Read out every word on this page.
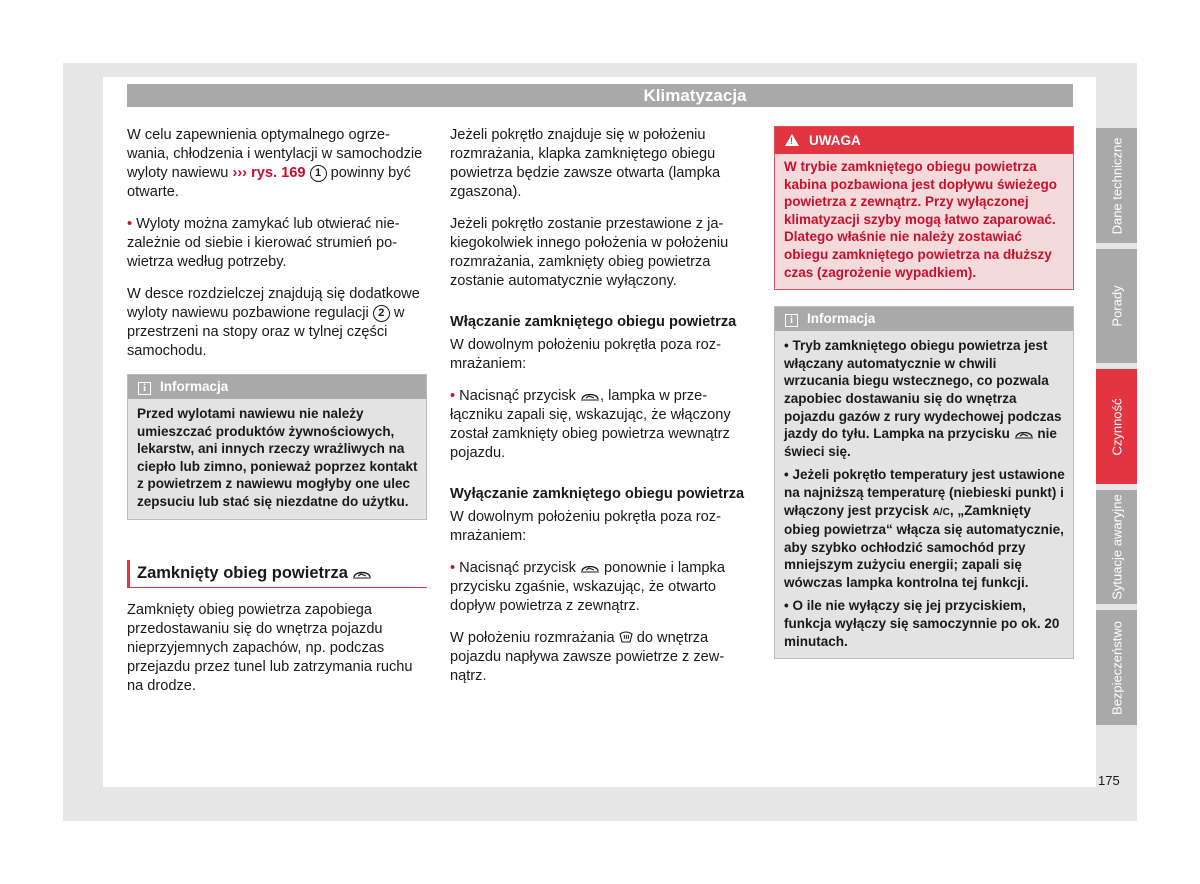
Klimatyzacja

W celu zapewnienia optymalnego ogrzewania, chłodzenia i wentylacji w samochodzie wyloty nawiewu ››› rys. 169 1 powinny być otwarte.

• Wyloty można zamykać lub otwierać niezależnie od siebie i kierować strumień powietrza według potrzeby.

W desce rozdzielczej znajdują się dodatkowe wyloty nawiewu pozbawione regulacji 2 w przestrzeni na stopy oraz w tylnej części samochodu.

i Informacja
Przed wylotami nawiewu nie należy umieszczać produktów żywnościowych, lekarstw, ani innych rzeczy wrażliwych na ciepło lub zimno, ponieważ poprzez kontakt z powietrzem z nawiewu mogłyby one ulec zepsuciu lub stać się niezdatne do użytku.
Zamknięty obieg powietrza

Zamknięty obieg powietrza zapobiega przedostawaniu się do wnętrza pojazdu nieprzyjemnych zapachów, np. podczas przejazdu przez tunel lub zatrzymania ruchu na drodze.

Jeżeli pokrętło znajduje się w położeniu rozmrażania, klapka zamkniętego obiegu powietrza będzie zawsze otwarta (lampka zgaszona).

Jeżeli pokrętło zostanie przestawione z jakiegokolwiek innego położenia w położeniu rozmrażania, zamknięty obieg powietrza zostanie automatycznie wyłączony.

Włączanie zamkniętego obiegu powietrza

W dowolnym położeniu pokrętła poza rozmrażaniem:

• Nacisnąć przycisk
, lampka w przełączniku zapali się, wskazując, że włączony został zamknięty obieg powietrza wewnątrz pojazdu.

Wyłączanie zamkniętego obiegu powietrza

W dowolnym położeniu pokrętła poza rozmrażaniem:

• Nacisnąć przycisk
ponownie i lampka przycisku zgaśnie, wskazując, że otwarto dopływ powietrza z zewnątrz.

W położeniu rozmrażania
do wnętrza pojazdu napływa zawsze powietrze z zewnątrz.

! UWAGA
W trybie zamkniętego obiegu powietrza kabina pozbawiona jest dopływu świeżego powietrza z zewnątrz. Przy wyłączonej klimatyzacji szyby mogą łatwo zaparować. Dlatego właśnie nie należy zostawiać obiegu zamkniętego powietrza na dłuższy czas (zagrożenie wypadkiem).
i Informacja

• Tryb zamkniętego obiegu powietrza jest włączany automatycznie w chwili wrzucania biegu wstecznego, co pozwala zapobiec dostawaniu się do wnętrza pojazdu gazów z rury wydechowej podczas jazdy do tyłu. Lampka na przycisku
nie świeci się.

• Jeżeli pokrętło temperatury jest ustawione na najniższą temperaturę (niebieski punkt) i włączony jest przycisk A/C, „Zamknięty obieg powietrza“ włącza się automatycznie, aby szybko ochłodzić samochód przy mniejszym zużyciu energii; zapali się wówczas lampka kontrolna tej funkcji.

• O ile nie wyłączy się jej przyciskiem, funkcja wyłączy się samoczynnie po ok. 20 minutach.

Dane techniczne
Porady
Czynność
Sytuacje awaryjne
Bezpieczeństwo
175
